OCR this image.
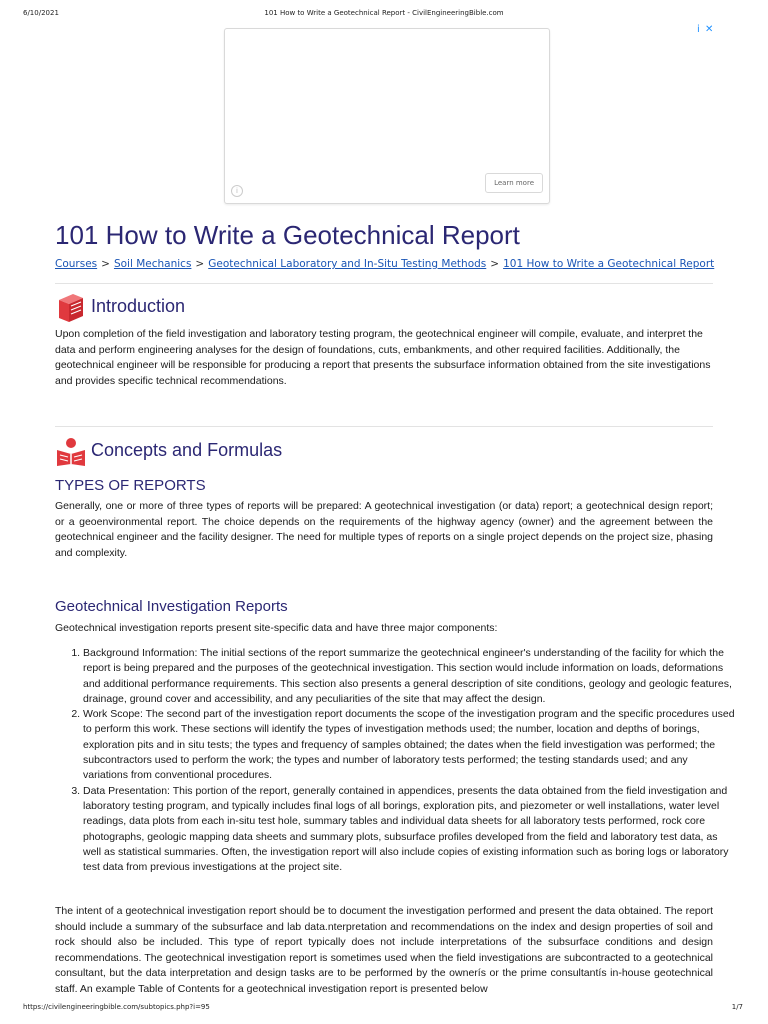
6/10/2021	101 How to Write a Geotechnical Report - CivilEngineeringBible.com
i
Learn more
i ✕
101 How to Write a Geotechnical Report
Courses > Soil Mechanics > Geotechnical Laboratory and In-Situ Testing Methods > 101 How to Write a Geotechnical Report
Introduction

Upon completion of the field investigation and laboratory testing program, the geotechnical engineer will compile, evaluate, and interpret the data and perform engineering analyses for the design of foundations, cuts, embankments, and other required facilities. Additionally, the geotechnical engineer will be responsible for producing a report that presents the subsurface information obtained from the site investigations and provides specific technical recommendations.

Concepts and Formulas
TYPES OF REPORTS

Generally, one or more of three types of reports will be prepared: A geotechnical investigation (or data) report; a geotechnical design report; or a geoenvironmental report. The choice depends on the requirements of the highway agency (owner) and the agreement between the geotechnical engineer and the facility designer. The need for multiple types of reports on a single project depends on the project size, phasing and complexity.

Geotechnical Investigation Reports

Geotechnical investigation reports present site-specific data and have three major components:

1. Background Information: The initial sections of the report summarize the geotechnical engineer's understanding of the facility for which the report is being prepared and the purposes of the geotechnical investigation. This section would include information on loads, deformations and additional performance requirements. This section also presents a general description of site conditions, geology and geologic features, drainage, ground cover and accessibility, and any peculiarities of the site that may affect the design.
2. Work Scope: The second part of the investigation report documents the scope of the investigation program and the specific procedures used to perform this work. These sections will identify the types of investigation methods used; the number, location and depths of borings, exploration pits and in situ tests; the types and frequency of samples obtained; the dates when the field investigation was performed; the subcontractors used to perform the work; the types and number of laboratory tests performed; the testing standards used; and any variations from conventional procedures.
3. Data Presentation: This portion of the report, generally contained in appendices, presents the data obtained from the field investigation and laboratory testing program, and typically includes final logs of all borings, exploration pits, and piezometer or well installations, water level readings, data plots from each in-situ test hole, summary tables and individual data sheets for all laboratory tests performed, rock core photographs, geologic mapping data sheets and summary plots, subsurface profiles developed from the field and laboratory test data, as well as statistical summaries. Often, the investigation report will also include copies of existing information such as boring logs or laboratory test data from previous investigations at the project site.

The intent of a geotechnical investigation report should be to document the investigation performed and present the data obtained. The report should include a summary of the subsurface and lab data.nterpretation and recommendations on the index and design properties of soil and rock should also be included. This type of report typically does not include interpretations of the subsurface conditions and design recommendations. The geotechnical investigation report is sometimes used when the field investigations are subcontracted to a geotechnical consultant, but the data interpretation and design tasks are to be performed by the ownerís or the prime consultantís in-house geotechnical staff. An example Table of Contents for a geotechnical investigation report is presented below

https://civilengineeringbible.com/subtopics.php?i=95	1/7
